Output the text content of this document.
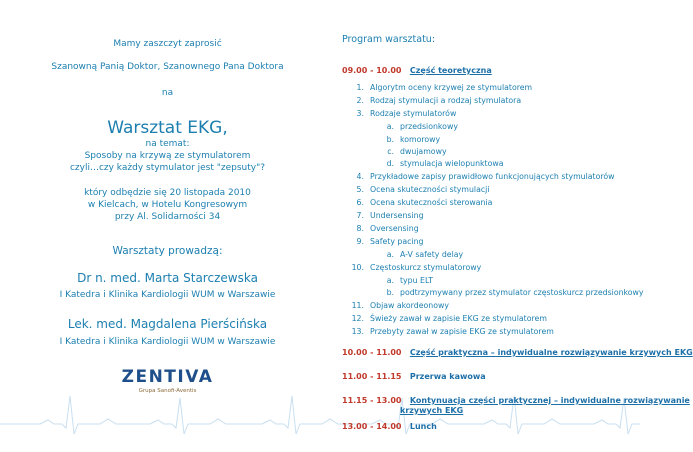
Mamy zaszczyt zaprosić
Szanowną Panią Doktor, Szanownego Pana Doktora
na
Warsztat EKG,
na temat:
Sposoby na krzywą ze stymulatorem
czyli…czy każdy stymulator jest "zepsuty"?
który odbędzie się 20 listopada 2010
w Kielcach, w Hotelu Kongresowym
przy Al. Solidarności 34
Warsztaty prowadzą:
Dr n. med. Marta Starczewska
I Katedra i Klinika Kardiologii WUM w Warszawie
Lek. med. Magdalena Pierścińska
I Katedra i Klinika Kardiologii WUM w Warszawie
ZENTIVA
Grupa Sanofi-Aventis
Program warsztatu:
09.00 - 10.00 Część teoretyczna
1. Algorytm oceny krzywej ze stymulatorem
2. Rodzaj stymulacji a rodzaj stymulatora
3. Rodzaje stymulatorów
a. przedsionkowy
b. komorowy
c. dwujamowy
d. stymulacja wielopunktowa
4. Przykładowe zapisy prawidłowo funkcjonujących stymulatorów
5. Ocena skuteczności stymulacji
6. Ocena skuteczności sterowania
7. Undersensing
8. Oversensing
9. Safety pacing
a. A-V safety delay
10. Częstoskurcz stymulatorowy
a. typu ELT
b. podtrzymywany przez stymulator częstoskurcz przedsionkowy
11. Objaw akordeonowy
12. Świeży zawał w zapisie EKG ze stymulatorem
13. Przebyty zawał w zapisie EKG ze stymulatorem
10.00 - 11.00 Część praktyczna – indywidualne rozwiązywanie krzywych EKG
11.00 - 11.15 Przerwa kawowa
11.15 - 13.00 Kontynuacja części praktycznej – indywidualne rozwiązywanie
krzywych EKG
13.00 - 14.00 Lunch
